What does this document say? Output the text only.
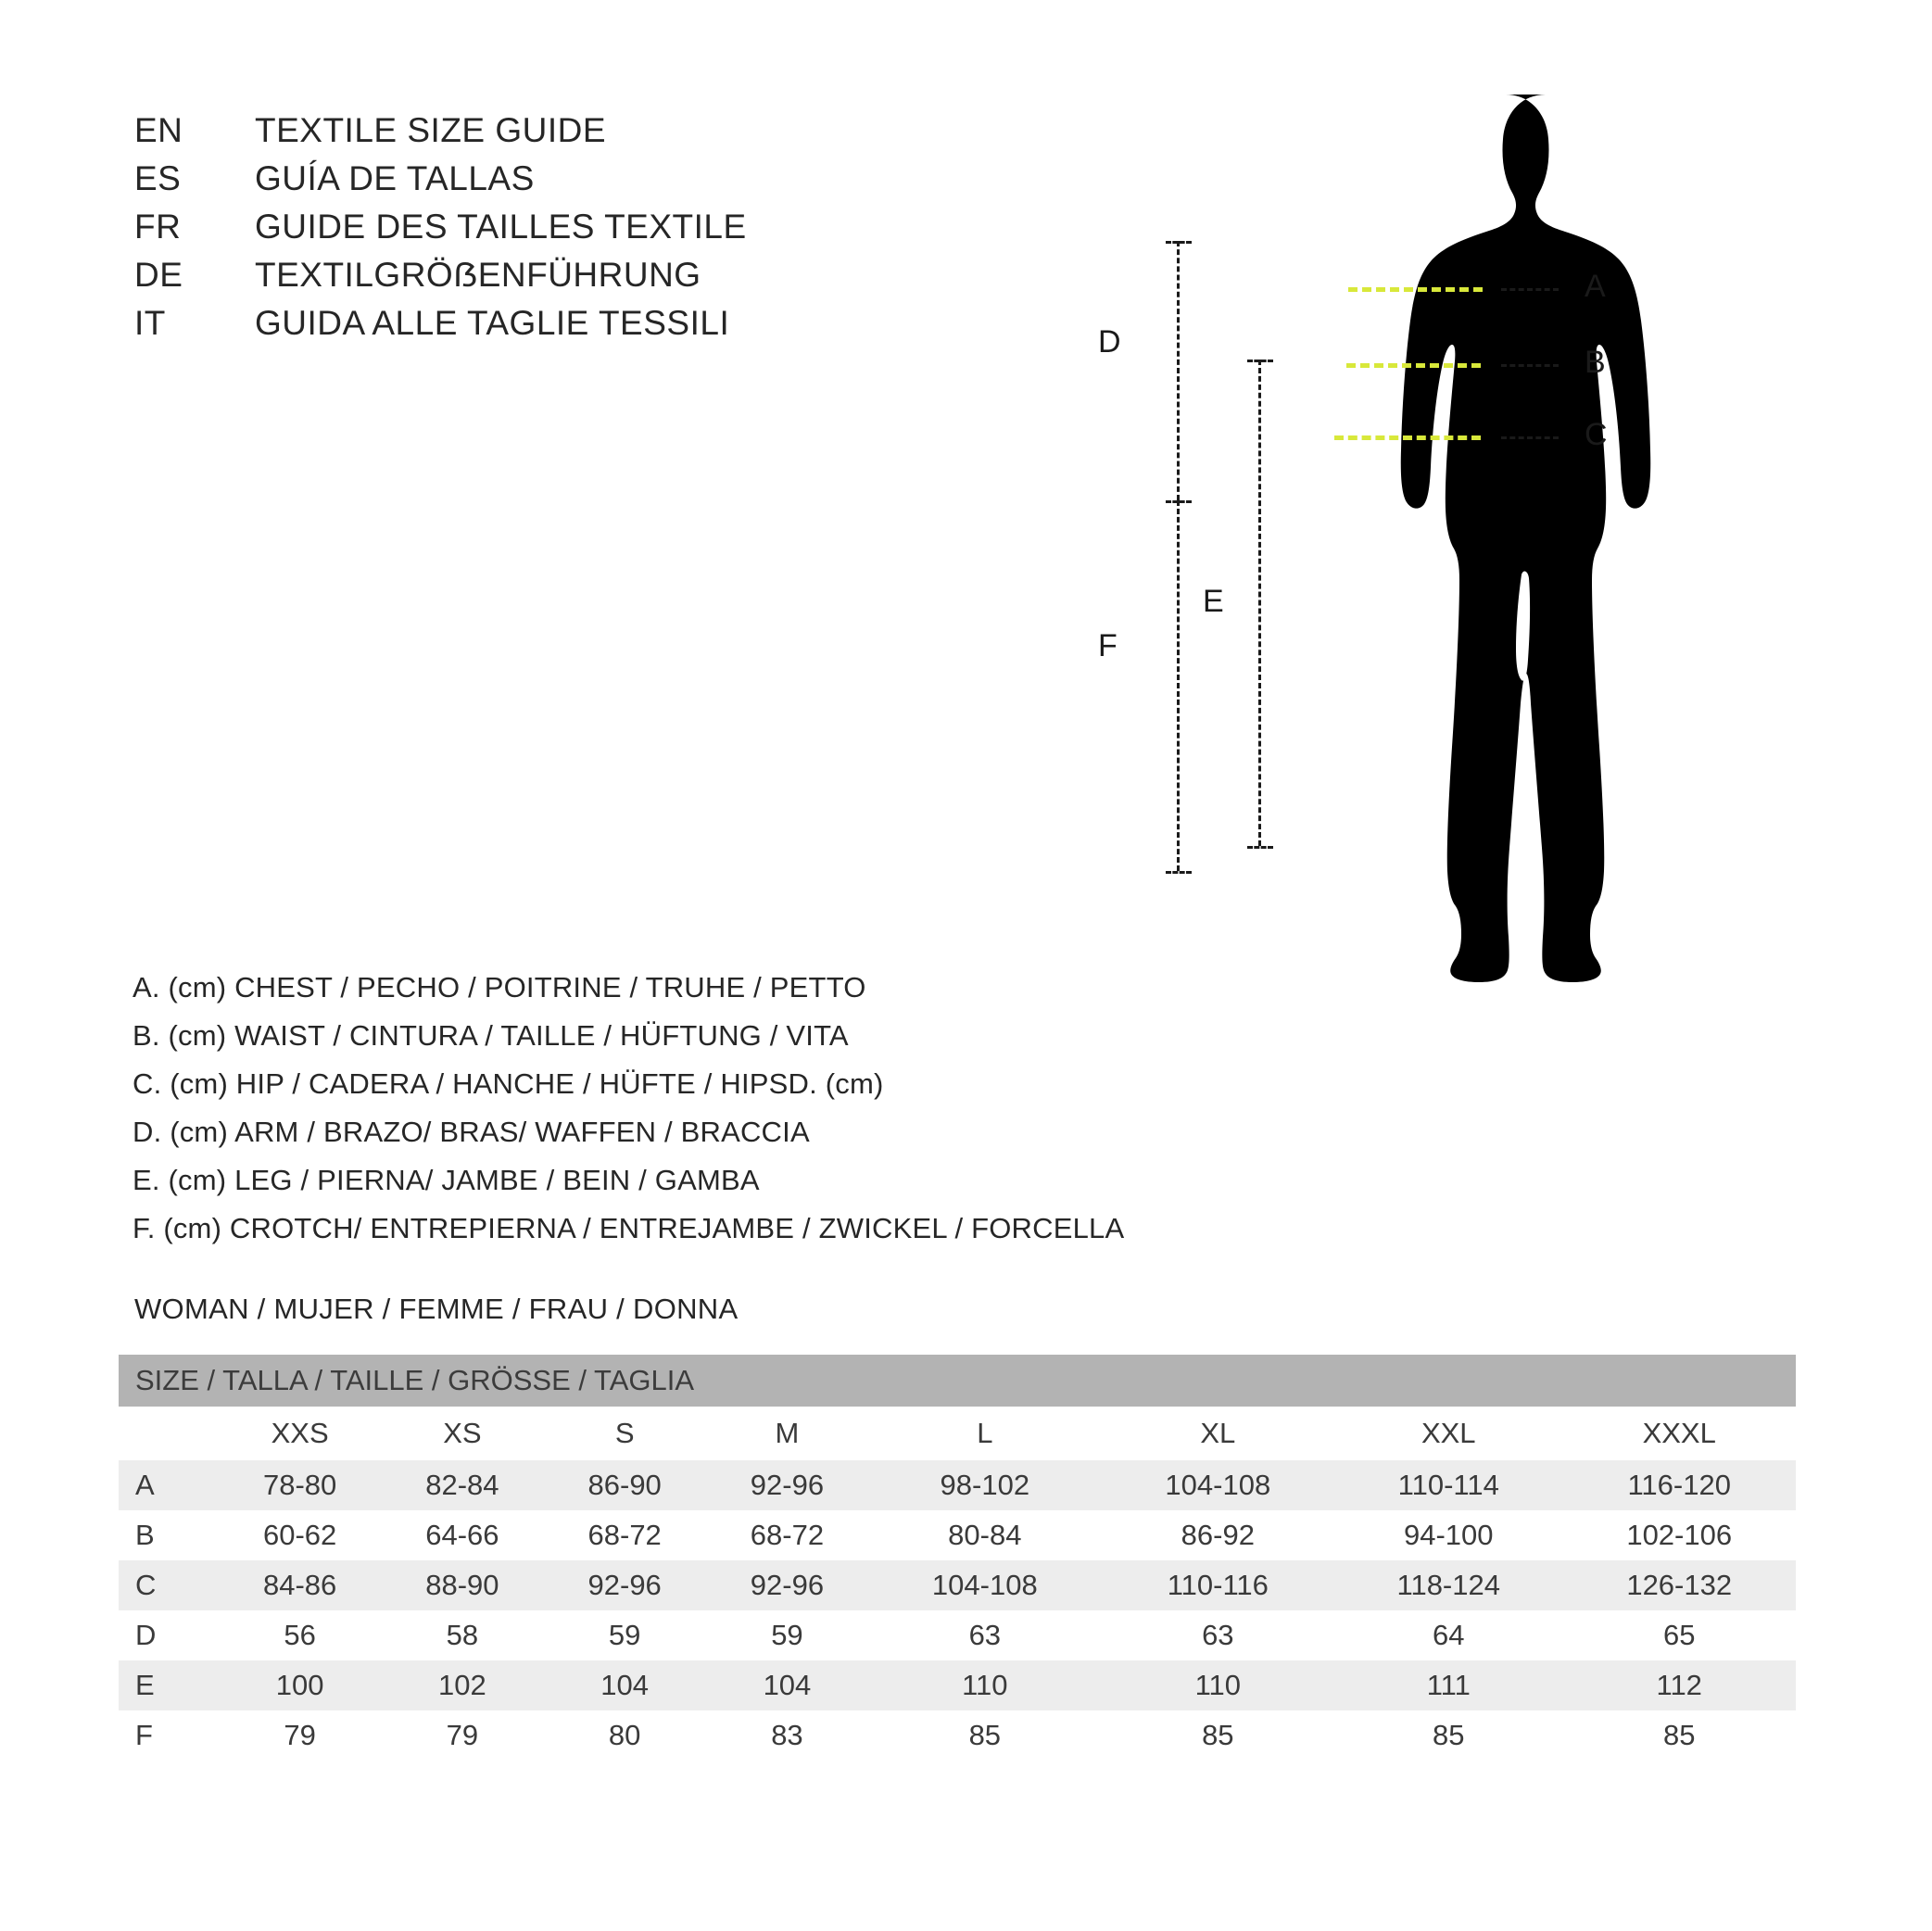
EN	TEXTILE SIZE GUIDE
ES	GUÍA DE TALLAS
FR	GUIDE DES TAILLES TEXTILE
DE	TEXTILGRÖẞENFÜHRUNG
IT	GUIDA ALLE TAGLIE TESSILI	D
F
E
A
B
C
A. (cm) CHEST / PECHO / POITRINE / TRUHE / PETTO
B. (cm) WAIST / CINTURA / TAILLE / HÜFTUNG / VITA
C. (cm) HIP / CADERA / HANCHE / HÜFTE / HIPSD. (cm)
D. (cm) ARM / BRAZO/ BRAS/ WAFFEN / BRACCIA
E. (cm) LEG / PIERNA/ JAMBE / BEIN / GAMBA
F. (cm) CROTCH/ ENTREPIERNA / ENTREJAMBE / ZWICKEL / FORCELLA
WOMAN / MUJER / FEMME / FRAU / DONNA
SIZE / TALLA / TAILLE / GRÖSSE / TAGLIA								
	XXS	XS	S	M	L	XL	XXL	XXXL
A	78-80	82-84	86-90	92-96	98-102	104-108	110-114	116-120
B	60-62	64-66	68-72	68-72	80-84	86-92	94-100	102-106
C	84-86	88-90	92-96	92-96	104-108	110-116	118-124	126-132
D	56	58	59	59	63	63	64	65
E	100	102	104	104	110	110	111	112
F	79	79	80	83	85	85	85	85
